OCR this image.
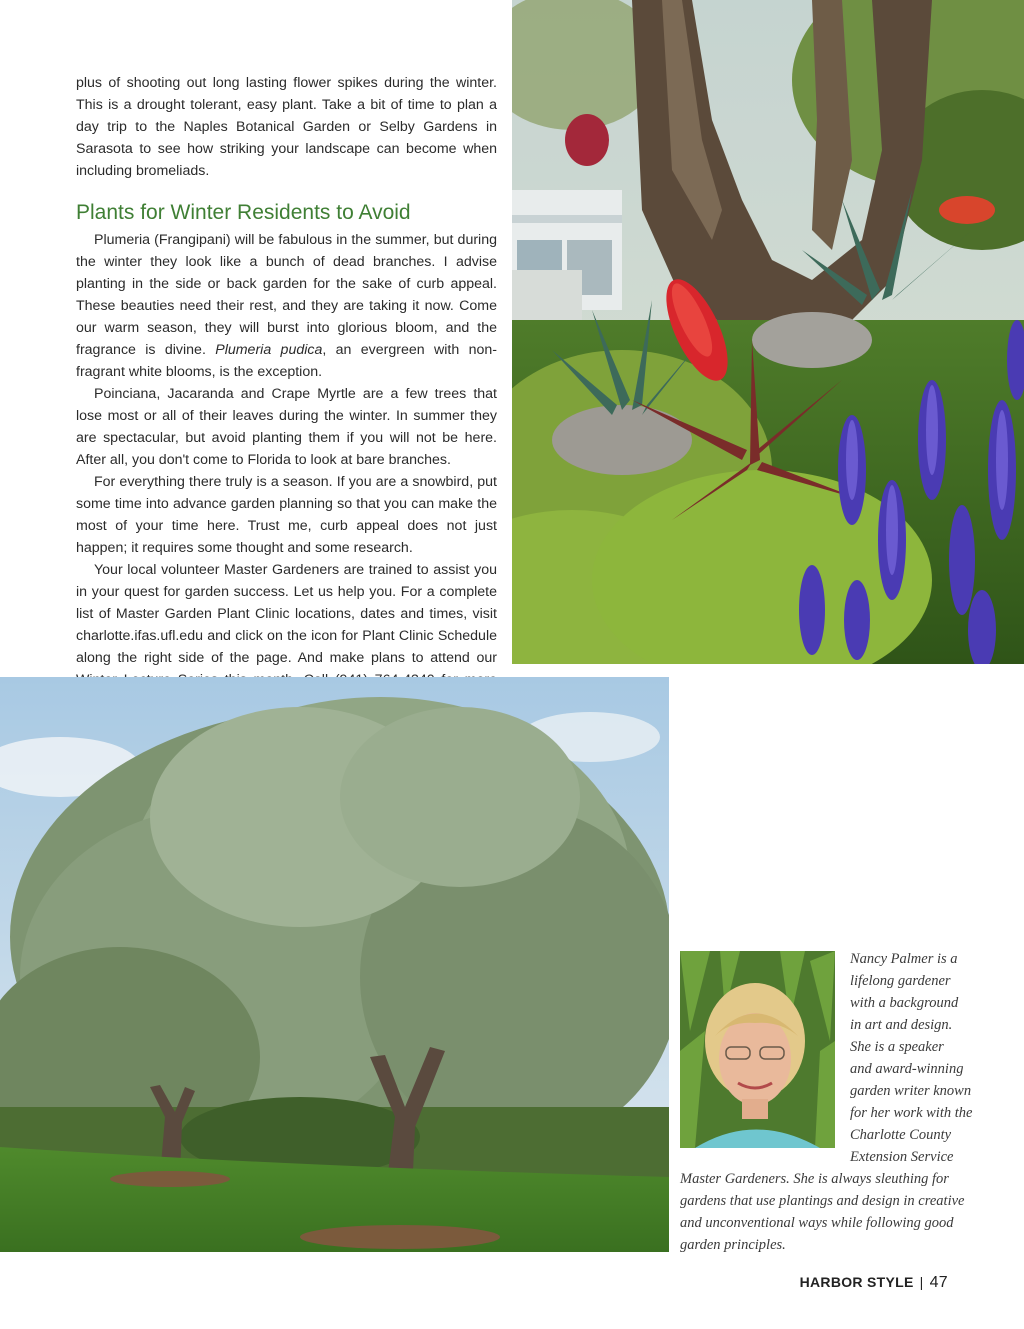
plus of shooting out long lasting flower spikes during the winter. This is a drought tolerant, easy plant. Take a bit of time to plan a day trip to the Naples Botanical Garden or Selby Gardens in Sarasota to see how striking your landscape can become when including bromeliads.

Plants for Winter Residents to Avoid

Plumeria (Frangipani) will be fabulous in the summer, but during the winter they look like a bunch of dead branches. I advise planting in the side or back garden for the sake of curb appeal. These beauties need their rest, and they are taking it now. Come our warm season, they will burst into glorious bloom, and the fragrance is divine. Plumeria pudica, an evergreen with non-fragrant white blooms, is the exception.

Poinciana, Jacaranda and Crape Myrtle are a few trees that lose most or all of their leaves during the winter. In summer they are spectacular, but avoid planting them if you will not be here. After all, you don't come to Florida to look at bare branches.

For everything there truly is a season. If you are a snowbird, put some time into advance garden planning so that you can make the most of your time here. Trust me, curb appeal does not just happen; it requires some thought and some research.

Your local volunteer Master Gardeners are trained to assist you in your quest for garden success. Let us help you. For a complete list of Master Garden Plant Clinic locations, dates and times, visit charlotte.ifas.ufl.edu and click on the icon for Plant Clinic Schedule along the right side of the page. And make plans to attend our

Nancy Palmer is a
lifelong gardener
with a background
in art and design.
She is a speaker
and award-winning
garden writer known
for her work with the
Charlotte County
Extension Service
Master Gardeners. She is always sleuthing for
gardens that use plantings and design in creative
and unconventional ways while following good
garden principles.
HARBOR STYLE | 47
